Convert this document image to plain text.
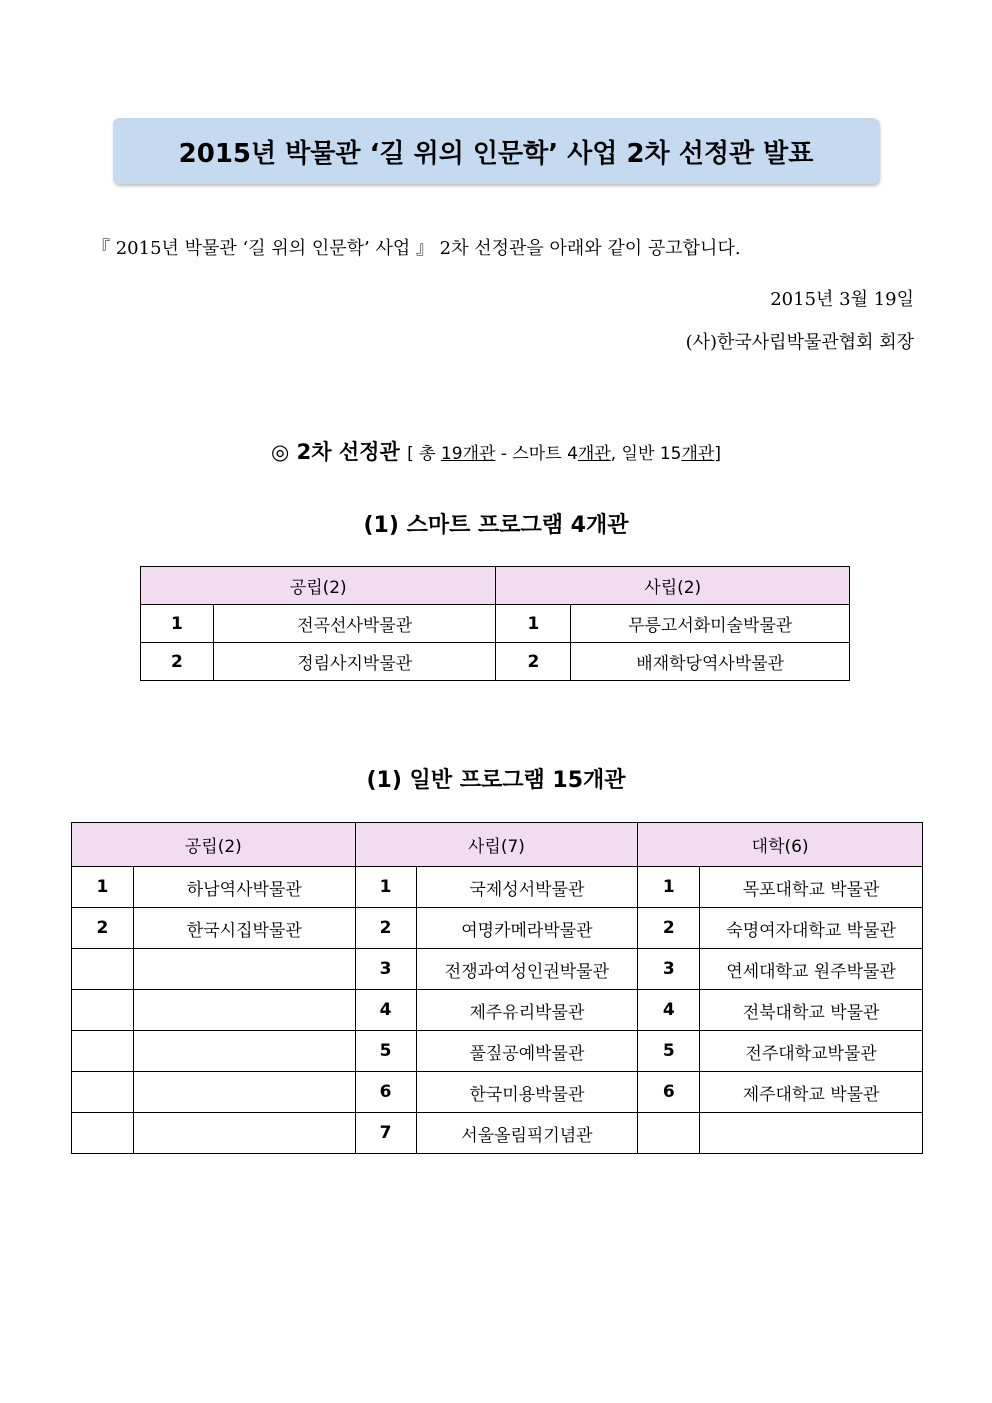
2015년 박물관 ‘길 위의 인문학’ 사업 2차 선정관 발표
『 2015년 박물관 ‘길 위의 인문학’ 사업 』 2차 선정관을 아래와 같이 공고합니다.
2015년 3월 19일
(사)한국사립박물관협회 회장
◎ 2차 선정관 [ 총 19개관 - 스마트 4개관, 일반 15개관]
(1) 스마트 프로그램 4개관
공립(2)		사립(2)	
1	전곡선사박물관	1	무릉고서화미술박물관
2	정림사지박물관	2	배재학당역사박물관
(1) 일반 프로그램 15개관
공립(2)		사립(7)		대학(6)	
1	하남역사박물관	1	국제성서박물관	1	목포대학교 박물관
2	한국시집박물관	2	여명카메라박물관	2	숙명여자대학교 박물관
		3	전쟁과여성인권박물관	3	연세대학교 원주박물관
		4	제주유리박물관	4	전북대학교 박물관
		5	풀짚공예박물관	5	전주대학교박물관
		6	한국미용박물관	6	제주대학교 박물관
		7	서울올림픽기념관		
